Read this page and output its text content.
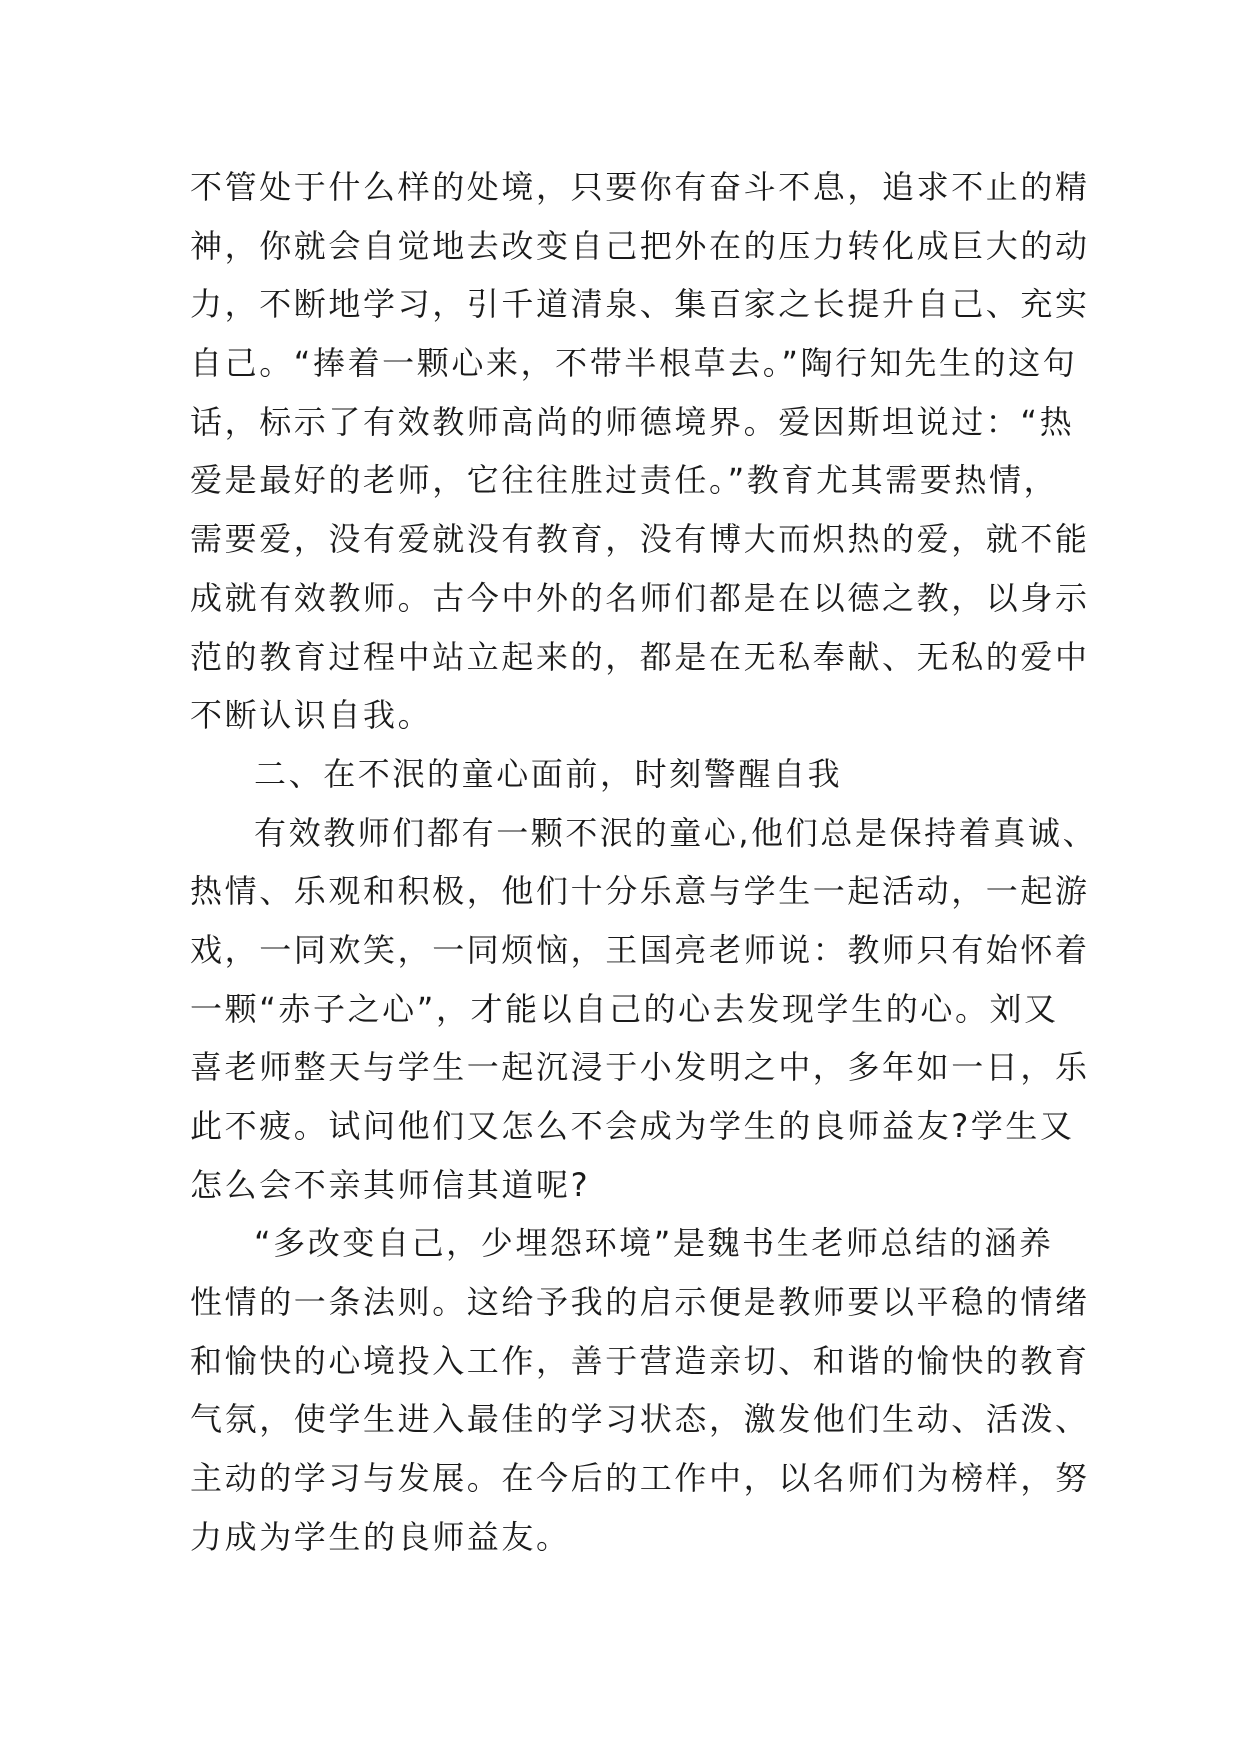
不管处于什么样的处境，只要你有奋斗不息，追求不止的精
神，你就会自觉地去改变自己把外在的压力转化成巨大的动
力，不断地学习，引千道清泉、集百家之长提升自己、充实
自己。“捧着一颗心来，不带半根草去。”陶行知先生的这句
话，标示了有效教师高尚的师德境界。爱因斯坦说过：“热
爱是最好的老师，它往往胜过责任。”教育尤其需要热情，
需要爱，没有爱就没有教育，没有博大而炽热的爱，就不能
成就有效教师。古今中外的名师们都是在以德之教，以身示
范的教育过程中站立起来的，都是在无私奉献、无私的爱中
不断认识自我。
二、在不泯的童心面前，时刻警醒自我
有效教师们都有一颗不泯的童心,他们总是保持着真诚、
热情、乐观和积极，他们十分乐意与学生一起活动，一起游
戏，一同欢笑，一同烦恼，王国亮老师说：教师只有始怀着
一颗“赤子之心”，才能以自己的心去发现学生的心。刘又
喜老师整天与学生一起沉浸于小发明之中，多年如一日，乐
此不疲。试问他们又怎么不会成为学生的良师益友?学生又
怎么会不亲其师信其道呢?
“多改变自己，少埋怨环境”是魏书生老师总结的涵养
性情的一条法则。这给予我的启示便是教师要以平稳的情绪
和愉快的心境投入工作，善于营造亲切、和谐的愉快的教育
气氛，使学生进入最佳的学习状态，激发他们生动、活泼、
主动的学习与发展。在今后的工作中，以名师们为榜样，努
力成为学生的良师益友。
